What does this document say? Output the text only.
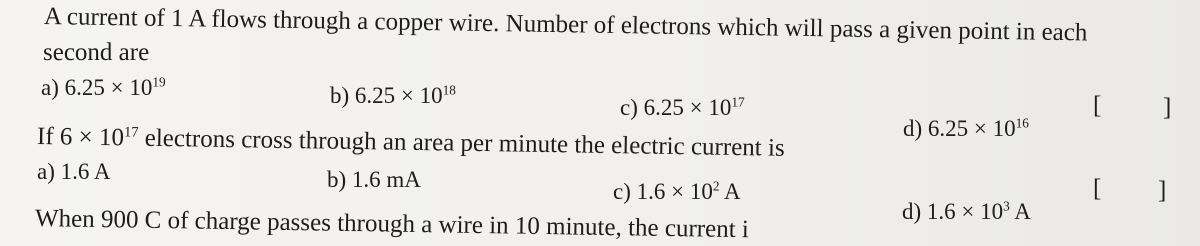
A current of 1 A flows through a copper wire. Number of electrons which will pass a given point in each
second are
a) $6.25 \times 10^{19}$
b) $6.25 \times 10^{18}$
c) $6.25 \times 10^{17}$
d) $6.25 \times 10^{16}$
[ ]
If $6 \times 10^{17}$ electrons cross through an area per minute the electric current is
a) 1.6 A	b) 1.6 mA	c) $1.6 \times 10^2$ A
d) $1.6 \times 10^3$ A
[ ]
When 900 C of charge passes through a wire in 10 minute, the current i
